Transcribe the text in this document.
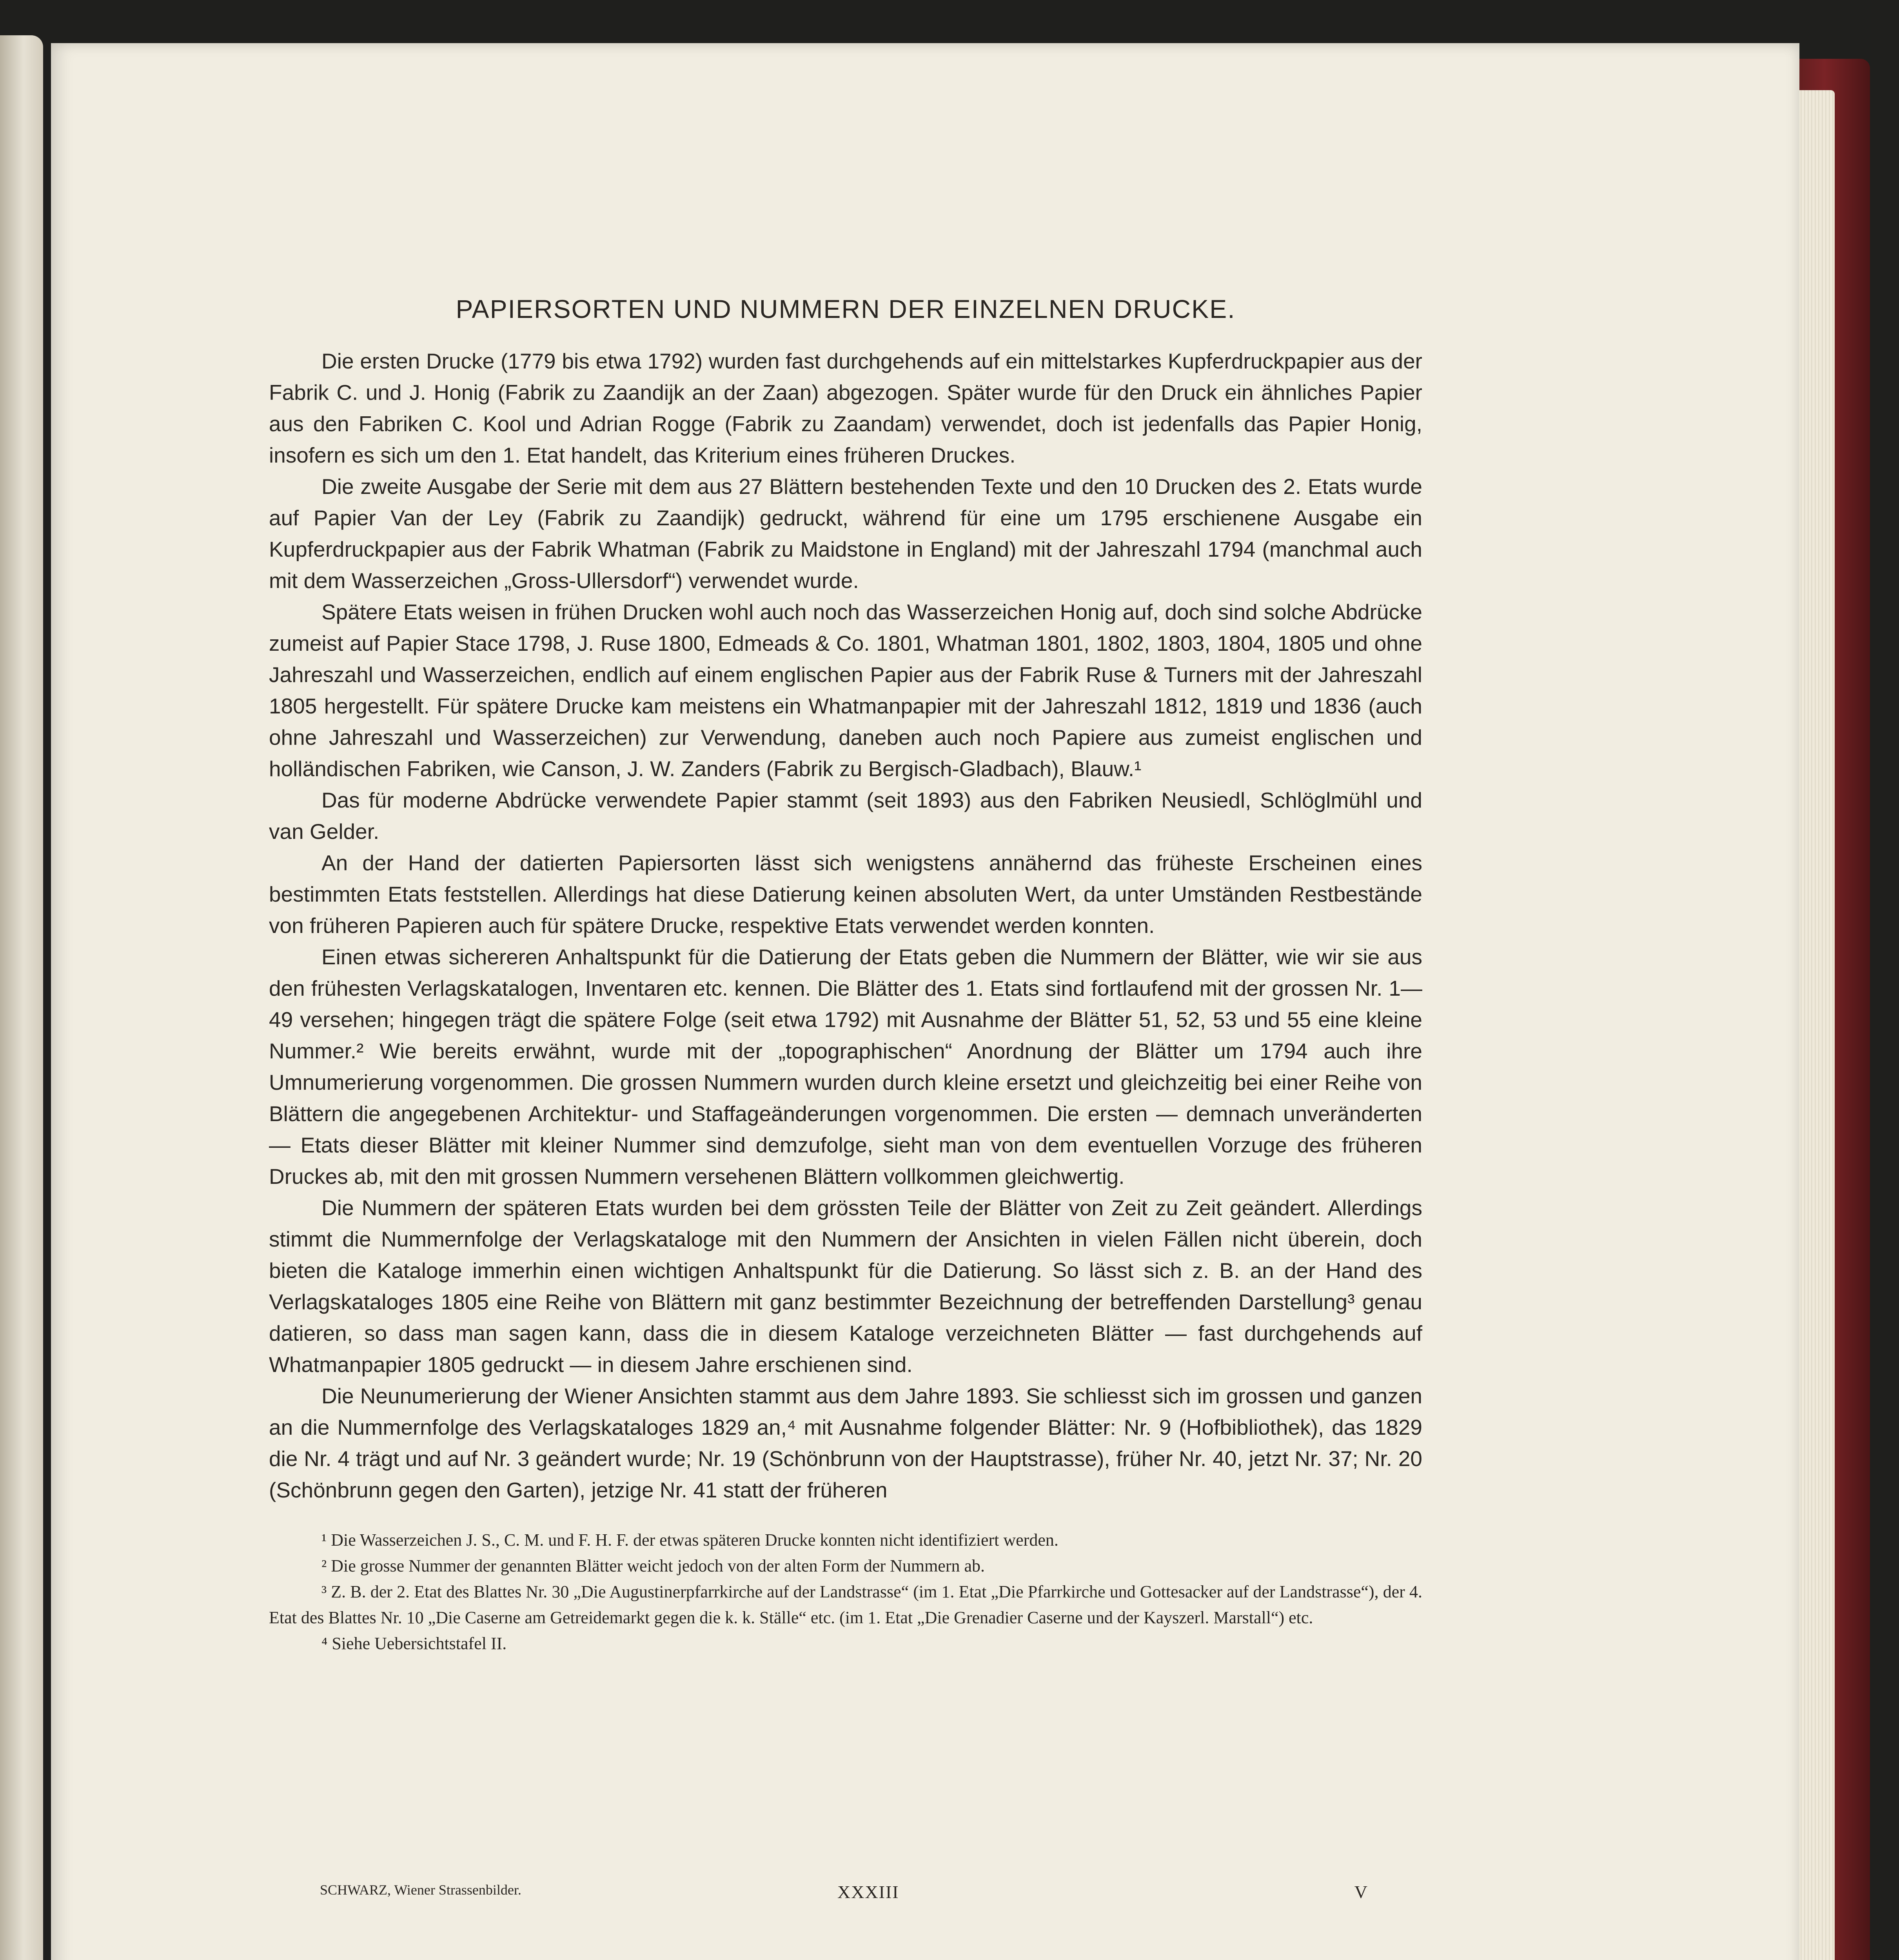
PAPIERSORTEN UND NUMMERN DER EINZELNEN DRUCKE.

Die ersten Drucke (1779 bis etwa 1792) wurden fast durchgehends auf ein mittelstarkes Kupferdruckpapier aus der Fabrik C. und J. Honig (Fabrik zu Zaandijk an der Zaan) abgezogen. Später wurde für den Druck ein ähnliches Papier aus den Fabriken C. Kool und Adrian Rogge (Fabrik zu Zaandam) verwendet, doch ist jedenfalls das Papier Honig, insofern es sich um den 1. Etat handelt, das Kriterium eines früheren Druckes.

Die zweite Ausgabe der Serie mit dem aus 27 Blättern bestehenden Texte und den 10 Drucken des 2. Etats wurde auf Papier Van der Ley (Fabrik zu Zaandijk) gedruckt, während für eine um 1795 erschienene Ausgabe ein Kupferdruckpapier aus der Fabrik Whatman (Fabrik zu Maidstone in England) mit der Jahreszahl 1794 (manchmal auch mit dem Wasserzeichen „Gross-Ullersdorf“) verwendet wurde.

Spätere Etats weisen in frühen Drucken wohl auch noch das Wasserzeichen Honig auf, doch sind solche Abdrücke zumeist auf Papier Stace 1798, J. Ruse 1800, Edmeads & Co. 1801, Whatman 1801, 1802, 1803, 1804, 1805 und ohne Jahreszahl und Wasserzeichen, endlich auf einem englischen Papier aus der Fabrik Ruse & Turners mit der Jahreszahl 1805 hergestellt. Für spätere Drucke kam meistens ein Whatmanpapier mit der Jahreszahl 1812, 1819 und 1836 (auch ohne Jahreszahl und Wasserzeichen) zur Verwendung, daneben auch noch Papiere aus zumeist englischen und holländischen Fabriken, wie Canson, J. W. Zanders (Fabrik zu Bergisch-Gladbach), Blauw.¹

Das für moderne Abdrücke verwendete Papier stammt (seit 1893) aus den Fabriken Neusiedl, Schlöglmühl und van Gelder.

An der Hand der datierten Papiersorten lässt sich wenigstens annähernd das früheste Erscheinen eines bestimmten Etats feststellen. Allerdings hat diese Datierung keinen absoluten Wert, da unter Umständen Restbestände von früheren Papieren auch für spätere Drucke, respektive Etats verwendet werden konnten.

Einen etwas sichereren Anhaltspunkt für die Datierung der Etats geben die Nummern der Blätter, wie wir sie aus den frühesten Verlagskatalogen, Inventaren etc. kennen. Die Blätter des 1. Etats sind fortlaufend mit der grossen Nr. 1—49 versehen; hingegen trägt die spätere Folge (seit etwa 1792) mit Ausnahme der Blätter 51, 52, 53 und 55 eine kleine Nummer.² Wie bereits erwähnt, wurde mit der „topographischen“ Anordnung der Blätter um 1794 auch ihre Umnumerierung vorgenommen. Die grossen Nummern wurden durch kleine ersetzt und gleichzeitig bei einer Reihe von Blättern die angegebenen Architektur- und Staffageänderungen vorgenommen. Die ersten — demnach unveränderten — Etats dieser Blätter mit kleiner Nummer sind demzufolge, sieht man von dem eventuellen Vorzuge des früheren Druckes ab, mit den mit grossen Nummern versehenen Blättern vollkommen gleichwertig.

Die Nummern der späteren Etats wurden bei dem grössten Teile der Blätter von Zeit zu Zeit geändert. Allerdings stimmt die Nummernfolge der Verlagskataloge mit den Nummern der Ansichten in vielen Fällen nicht überein, doch bieten die Kataloge immerhin einen wichtigen Anhaltspunkt für die Datierung. So lässt sich z. B. an der Hand des Verlagskataloges 1805 eine Reihe von Blättern mit ganz bestimmter Bezeichnung der betreffenden Darstellung³ genau datieren, so dass man sagen kann, dass die in diesem Kataloge verzeichneten Blätter — fast durchgehends auf Whatmanpapier 1805 gedruckt — in diesem Jahre erschienen sind.

Die Neunumerierung der Wiener Ansichten stammt aus dem Jahre 1893. Sie schliesst sich im grossen und ganzen an die Nummernfolge des Verlagskataloges 1829 an,⁴ mit Ausnahme folgender Blätter: Nr. 9 (Hofbibliothek), das 1829 die Nr. 4 trägt und auf Nr. 3 geändert wurde; Nr. 19 (Schönbrunn von der Hauptstrasse), früher Nr. 40, jetzt Nr. 37; Nr. 20 (Schönbrunn gegen den Garten), jetzige Nr. 41 statt der früheren

¹ Die Wasserzeichen J. S., C. M. und F. H. F. der etwas späteren Drucke konnten nicht identifiziert werden.

² Die grosse Nummer der genannten Blätter weicht jedoch von der alten Form der Nummern ab.

³ Z. B. der 2. Etat des Blattes Nr. 30 „Die Augustinerpfarrkirche auf der Landstrasse“ (im 1. Etat „Die Pfarrkirche und Gottesacker auf der Landstrasse“), der 4. Etat des Blattes Nr. 10 „Die Caserne am Getreidemarkt gegen die k. k. Ställe“ etc. (im 1. Etat „Die Grenadier Caserne und der Kayszerl. Marstall“) etc.

⁴ Siehe Uebersichtstafel II.

SCHWARZ, Wiener Strassenbilder.	XXXIII	V
